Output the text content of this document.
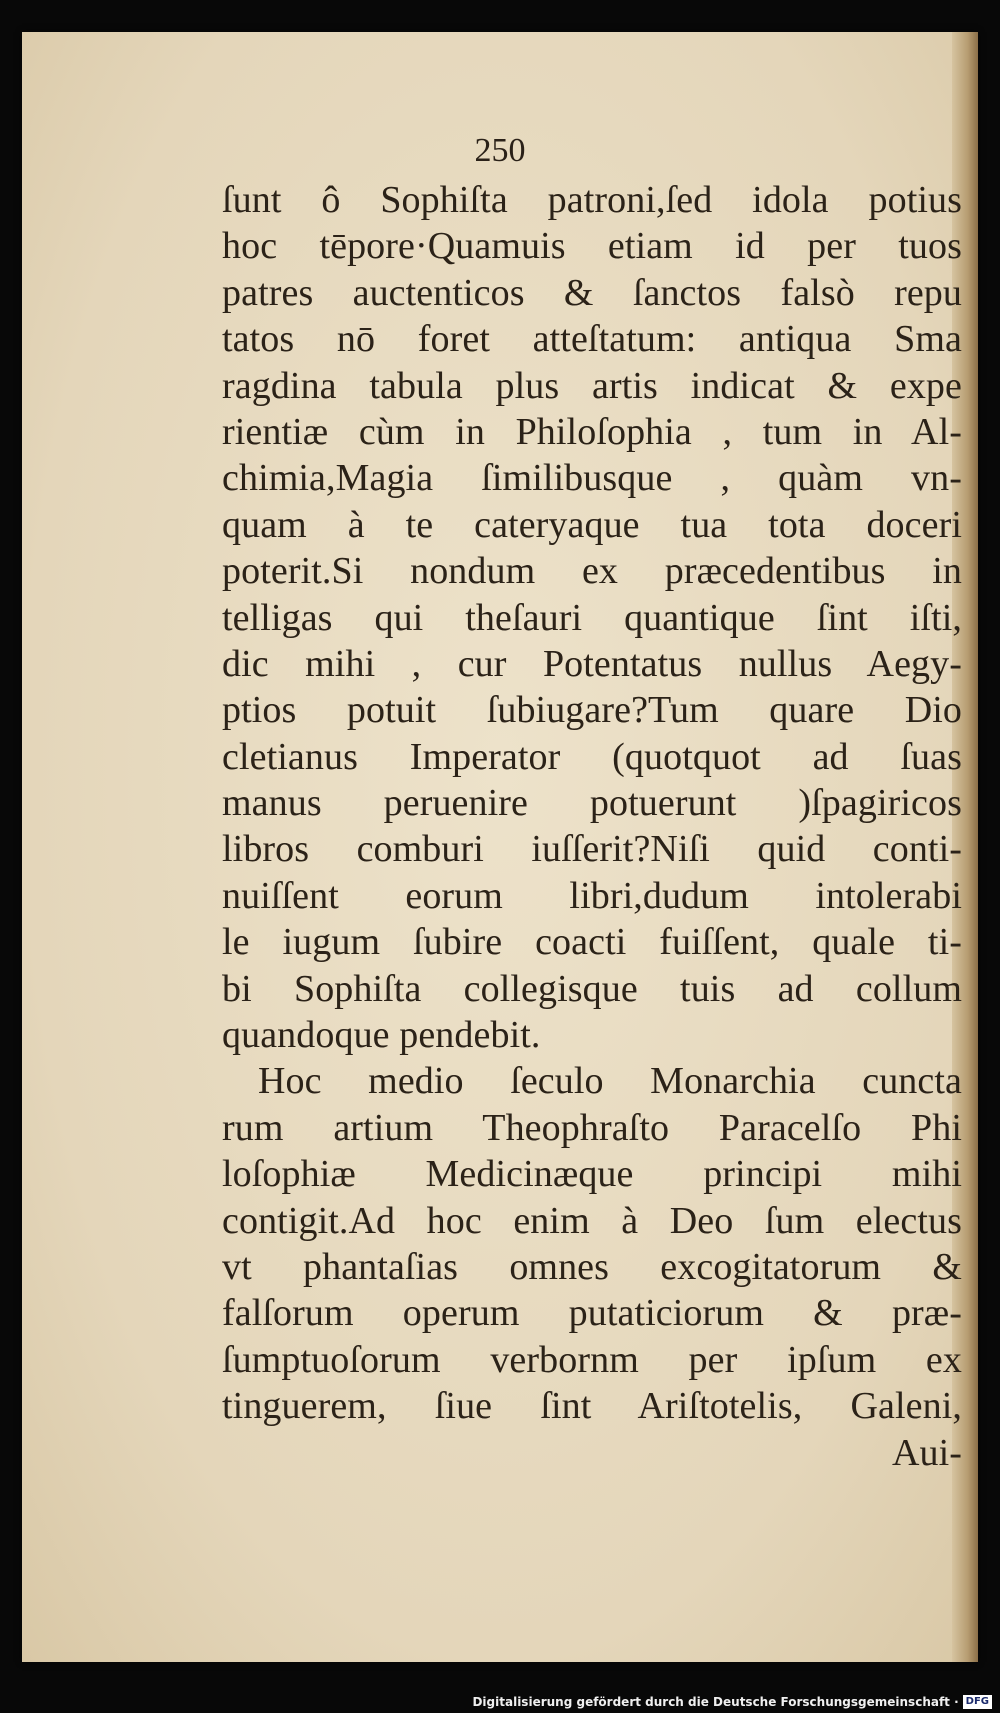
250
ſunt ô Sophiſta patroni,ſed idola potius
hoc tēpore·Quamuis etiam id per tuos
patres auctenticos & ſanctos falsò repu
tatos nō foret atteſtatum: antiqua Sma
ragdina tabula plus artis indicat & expe
rientiæ cùm in Philoſophia , tum in Al-
chimia,Magia ſimilibusque , quàm vn-
quam à te caterуaque tua tota doceri
poterit.Si nondum ex præcedentibus in
telligas qui theſauri quantique ſint iſti,
dic mihi , cur Potentatus nullus Aegy-
ptios potuit ſubiugare?Tum quare Dio
cletianus Imperator (quotquot ad ſuas
manus peruenire potuerunt )ſpagiricos
libros comburi iuſſerit?Niſi quid conti-
nuiſſent eorum libri,dudum intolerabi
le iugum ſubire coacti fuiſſent, quale ti-
bi Sophiſta collegisque tuis ad collum
quandoque pendebit.
Hoc medio ſeculo Monarchia cuncta
rum artium Theophraſto Paracelſo Phi
loſophiæ Medicinæque principi mihi
contigit.Ad hoc enim à Deo ſum electus
vt phantaſias omnes excogitatorum &
falſorum operum putaticiorum & præ-
ſumptuoſorum verbornm per ipſum ex
tinguerem, ſiue ſint Ariſtotelis, Galeni,
Aui-
Digitalisierung gefördert durch die Deutsche Forschungsgemeinschaft · DFG
